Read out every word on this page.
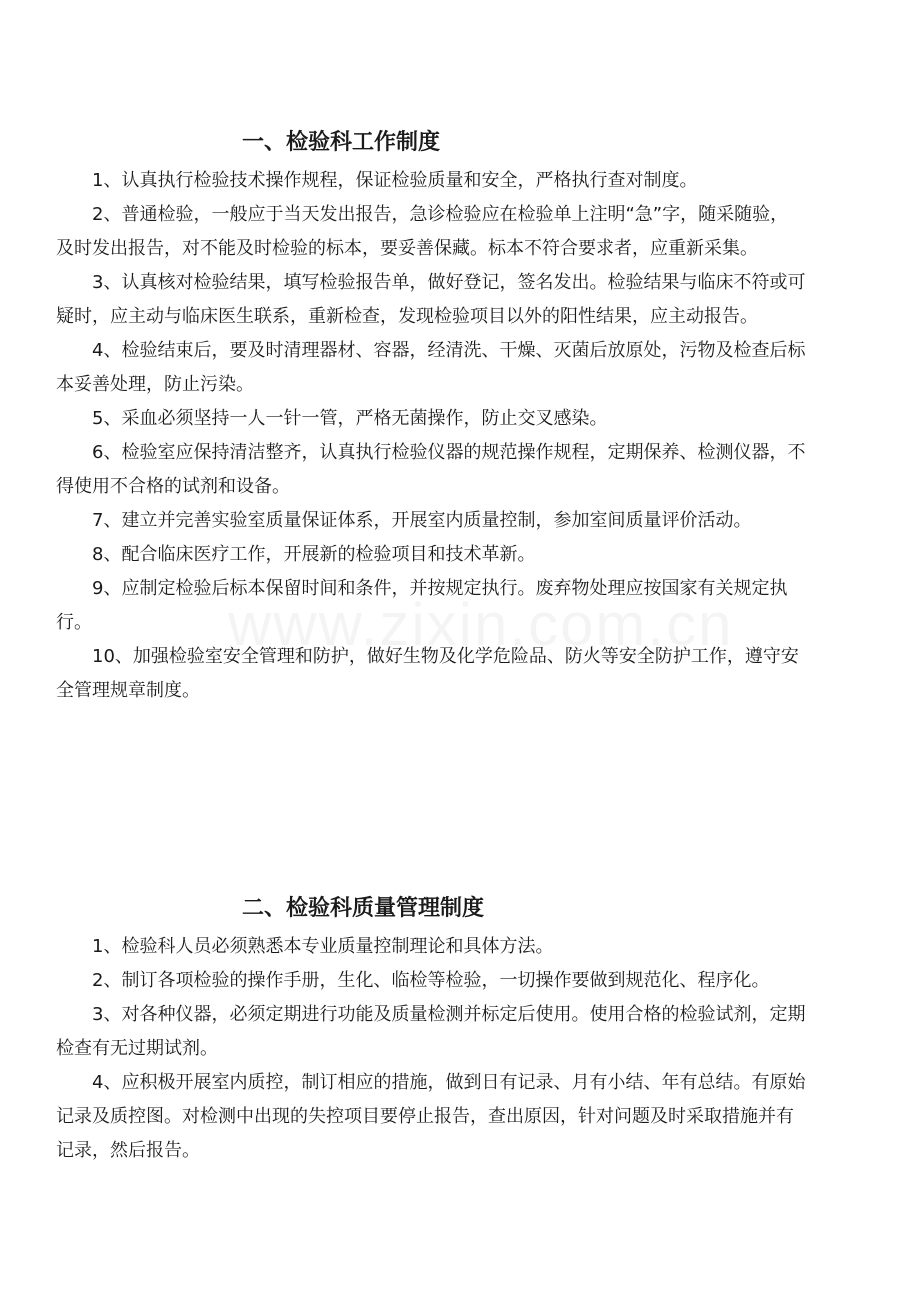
一、检验科工作制度

1、认真执行检验技术操作规程，保证检验质量和安全，严格执行查对制度。

2、普通检验，一般应于当天发出报告，急诊检验应在检验单上注明“急”字，随采随验，及时发出报告，对不能及时检验的标本，要妥善保藏。标本不符合要求者，应重新采集。

3、认真核对检验结果，填写检验报告单，做好登记，签名发出。检验结果与临床不符或可疑时，应主动与临床医生联系，重新检查，发现检验项目以外的阳性结果，应主动报告。

4、检验结束后，要及时清理器材、容器，经清洗、干燥、灭菌后放原处，污物及检查后标本妥善处理，防止污染。

5、采血必须坚持一人一针一管，严格无菌操作，防止交叉感染。

6、检验室应保持清洁整齐，认真执行检验仪器的规范操作规程，定期保养、检测仪器，不得使用不合格的试剂和设备。

7、建立并完善实验室质量保证体系，开展室内质量控制，参加室间质量评价活动。

8、配合临床医疗工作，开展新的检验项目和技术革新。

9、应制定检验后标本保留时间和条件，并按规定执行。废弃物处理应按国家有关规定执行。

10、加强检验室安全管理和防护，做好生物及化学危险品、防火等安全防护工作，遵守安全管理规章制度。

二、检验科质量管理制度

1、检验科人员必须熟悉本专业质量控制理论和具体方法。

2、制订各项检验的操作手册，生化、临检等检验，一切操作要做到规范化、程序化。

3、对各种仪器，必须定期进行功能及质量检测并标定后使用。使用合格的检验试剂，定期检查有无过期试剂。

4、应积极开展室内质控，制订相应的措施，做到日有记录、月有小结、年有总结。有原始记录及质控图。对检测中出现的失控项目要停止报告，查出原因，针对问题及时采取措施并有记录，然后报告。
